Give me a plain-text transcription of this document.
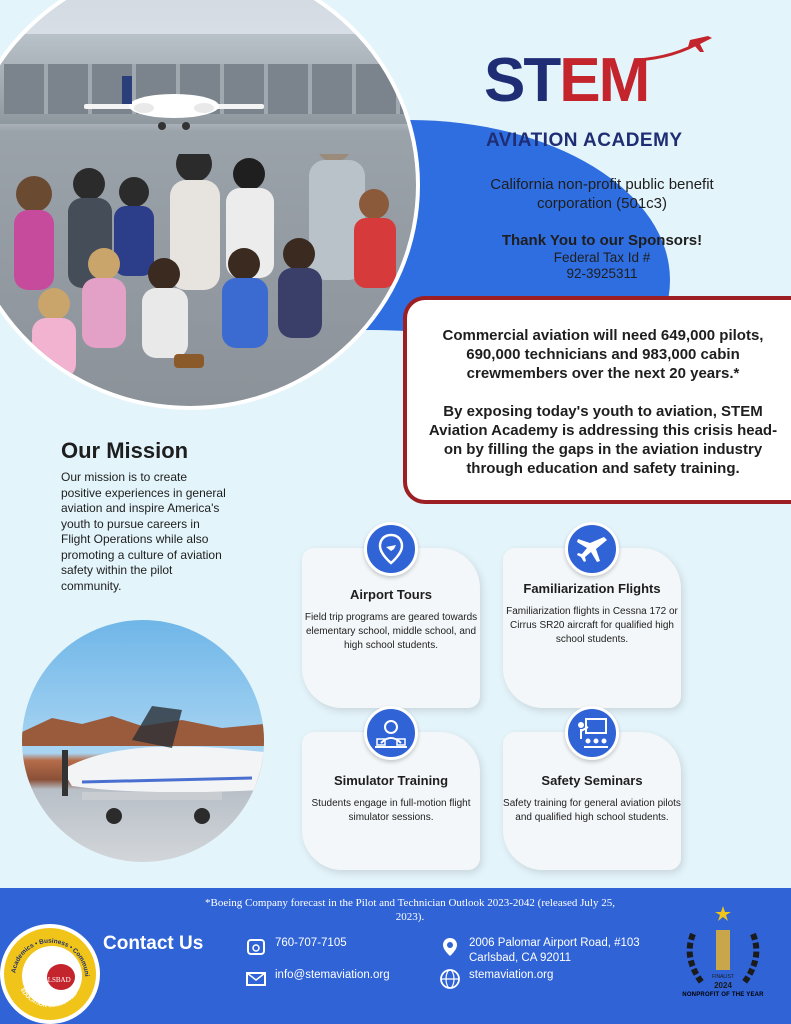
STEM
AVIATION ACADEMY
California non-profit public benefit corporation (501c3)
Thank You to our Sponsors!
Federal Tax Id #
92-3925311

Commercial aviation will need 649,000 pilots, 690,000 technicians and 983,000 cabin crewmembers over the next 20 years.*

By exposing today's youth to aviation, STEM Aviation Academy is addressing this crisis head-on by filling the gaps in the aviation industry through education and safety training.

Our Mission
Our mission is to create positive experiences in general aviation and inspire America's youth to pursue careers in Flight Operations while also promoting a culture of aviation safety within the pilot community.
Airport Tours
Field trip programs are geared towards elementary school, middle school, and high school students.
Familiarization Flights
Familiarization flights in Cessna 172 or Cirrus SR20 aircraft for qualified high school students.
Simulator Training
Students engage in full-motion flight simulator sessions.
Safety Seminars
Safety training for general aviation pilots and qualified high school students.
*Boeing Company forecast in the Pilot and Technician Outlook 2023-2042 (released July 25, 2023).
CARLSBAD
Academics • Business • Communi
EDUCATION COMMITTEE
Contact Us	760-707-7105
info@stemaviation.org
2006 Palomar Airport Road, #103
Carlsbad, CA 92011
stemaviation.org
2024
FINALIST
NONPROFIT OF THE YEAR
